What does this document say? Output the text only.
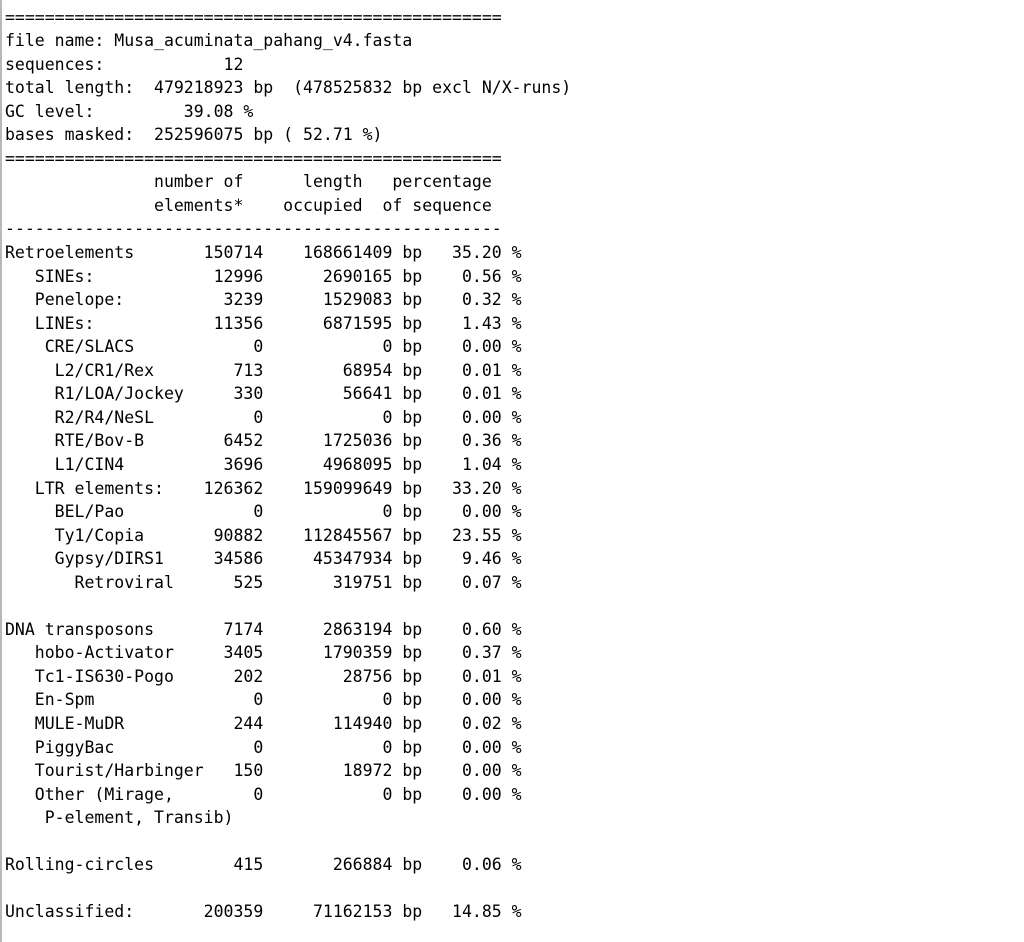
==================================================
file name: Musa_acuminata_pahang_v4.fasta
sequences:            12
total length:  479218923 bp  (478525832 bp excl N/X-runs)
GC level:         39.08 %
bases masked:  252596075 bp ( 52.71 %)
==================================================
number of      length   percentage
elements*    occupied  of sequence
--------------------------------------------------
Retroelements       150714    168661409 bp   35.20 %
SINEs:            12996      2690165 bp    0.56 %
Penelope:          3239      1529083 bp    0.32 %
LINEs:            11356      6871595 bp    1.43 %
CRE/SLACS            0            0 bp    0.00 %
L2/CR1/Rex        713        68954 bp    0.01 %
R1/LOA/Jockey     330        56641 bp    0.01 %
R2/R4/NeSL          0            0 bp    0.00 %
RTE/Bov-B        6452      1725036 bp    0.36 %
L1/CIN4          3696      4968095 bp    1.04 %
LTR elements:    126362    159099649 bp   33.20 %
BEL/Pao             0            0 bp    0.00 %
Ty1/Copia       90882    112845567 bp   23.55 %
Gypsy/DIRS1     34586     45347934 bp    9.46 %
Retroviral      525       319751 bp    0.07 %
DNA transposons       7174      2863194 bp    0.60 %
hobo-Activator     3405      1790359 bp    0.37 %
Tc1-IS630-Pogo      202        28756 bp    0.01 %
En-Spm                0            0 bp    0.00 %
MULE-MuDR           244       114940 bp    0.02 %
PiggyBac              0            0 bp    0.00 %
Tourist/Harbinger   150        18972 bp    0.00 %
Other (Mirage,        0            0 bp    0.00 %
P-element, Transib)
Rolling-circles        415       266884 bp    0.06 %
Unclassified:       200359     71162153 bp   14.85 %
